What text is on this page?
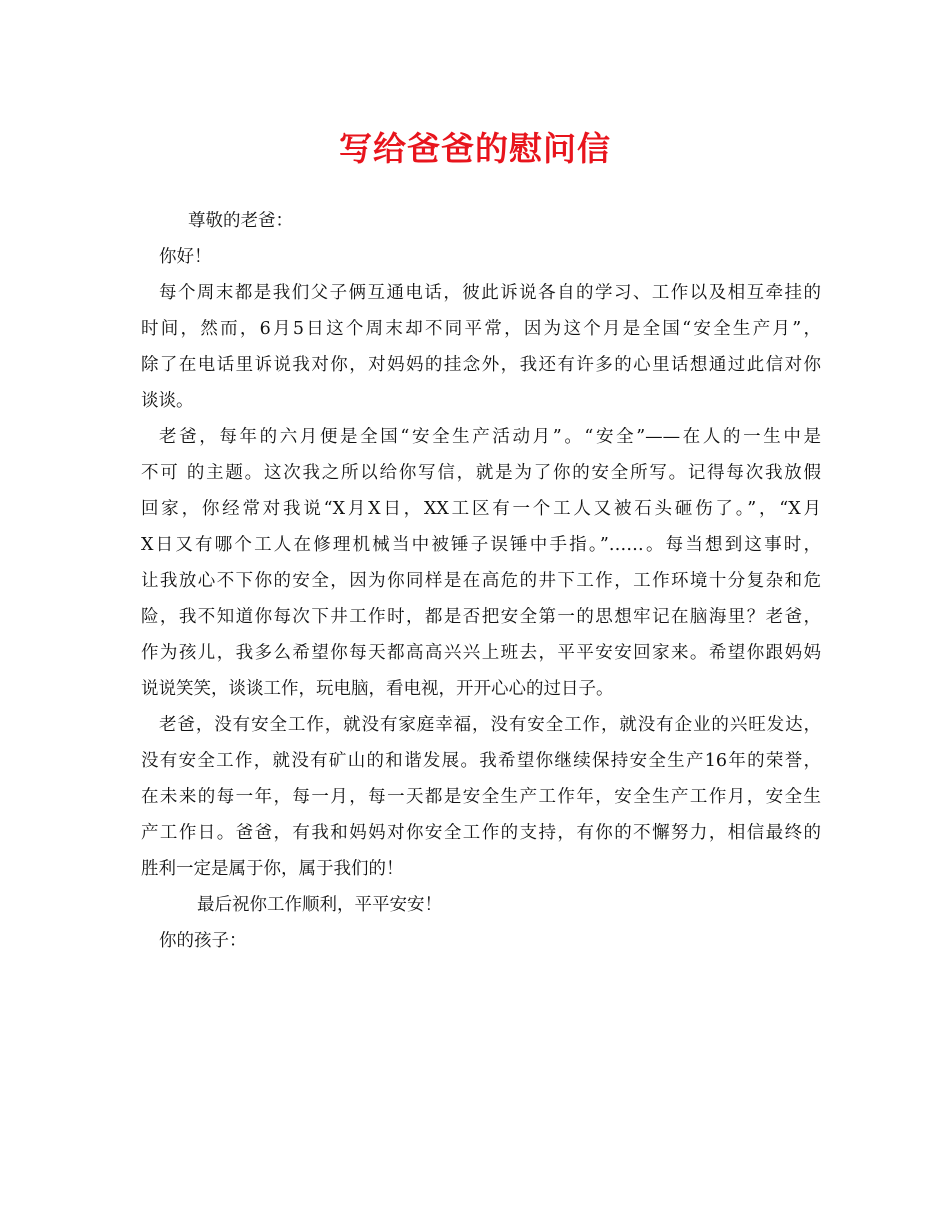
写给爸爸的慰问信
尊敬的老爸：
你好！
每个周末都是我们父子俩互通电话，彼此诉说各自的学习、工作以及相互牵挂的
时间，然而，6月5日这个周末却不同平常，因为这个月是全国“安全生产月”，
除了在电话里诉说我对你，对妈妈的挂念外，我还有许多的心里话想通过此信对你
谈谈。
老爸，每年的六月便是全国“安全生产活动月”。“安全”——在人的一生中是
不可 的主题。这次我之所以给你写信，就是为了你的安全所写。记得每次我放假
回家，你经常对我说“X月X日，XX工区有一个工人又被石头砸伤了。”，“X月
X日又有哪个工人在修理机械当中被锤子误锤中手指。”……。每当想到这事时，
让我放心不下你的安全，因为你同样是在高危的井下工作，工作环境十分复杂和危
险，我不知道你每次下井工作时，都是否把安全第一的思想牢记在脑海里？老爸，
作为孩儿，我多么希望你每天都高高兴兴上班去，平平安安回家来。希望你跟妈妈
说说笑笑，谈谈工作，玩电脑，看电视，开开心心的过日子。
老爸，没有安全工作，就没有家庭幸福，没有安全工作，就没有企业的兴旺发达，
没有安全工作，就没有矿山的和谐发展。我希望你继续保持安全生产16年的荣誉，
在未来的每一年，每一月，每一天都是安全生产工作年，安全生产工作月，安全生
产工作日。爸爸，有我和妈妈对你安全工作的支持，有你的不懈努力，相信最终的
胜利一定是属于你，属于我们的！
最后祝你工作顺利，平平安安！
你的孩子：
